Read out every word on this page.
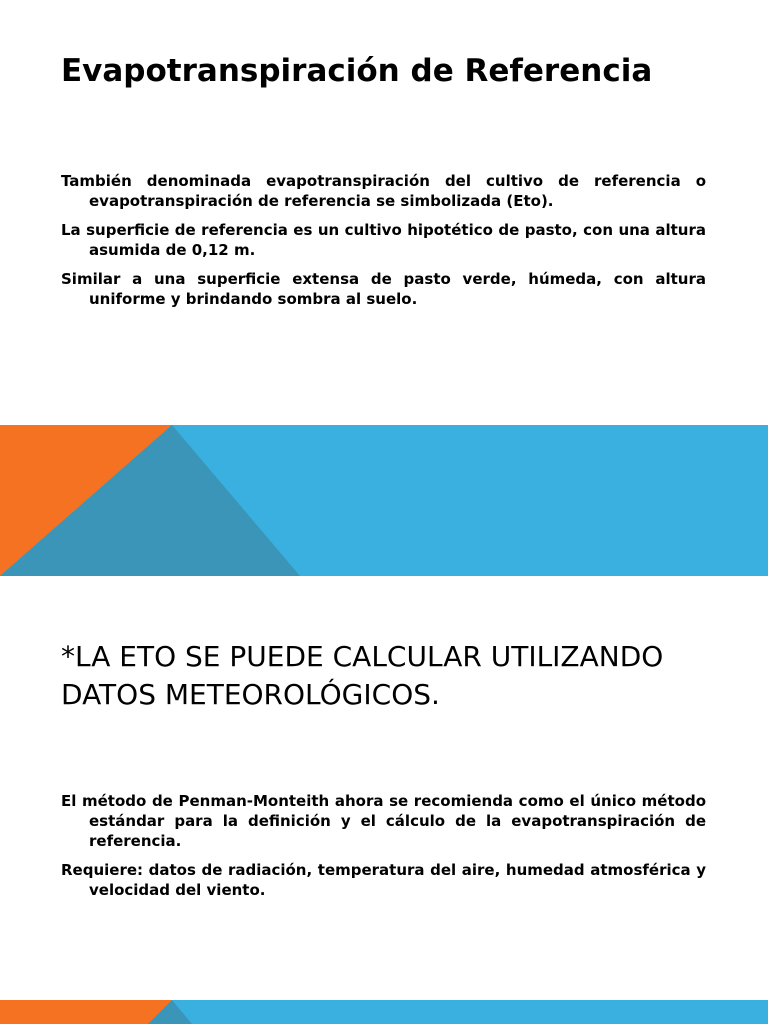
Evapotranspiración de Referencia
También denominada evapotranspiración del cultivo de referencia o evapotranspiración de referencia se simbolizada (Eto).
La superficie de referencia es un cultivo hipotético de pasto, con una altura asumida de 0,12 m.
Similar a una superficie extensa de pasto verde, húmeda, con altura uniforme y brindando sombra al suelo.
*LA ETO SE PUEDE CALCULAR UTILIZANDO DATOS METEOROLÓGICOS.
El método de Penman-Monteith ahora se recomienda como el único método estándar para la definición y el cálculo de la evapotranspiración de referencia.
Requiere: datos de radiación, temperatura del aire, humedad atmosférica y velocidad del viento.
